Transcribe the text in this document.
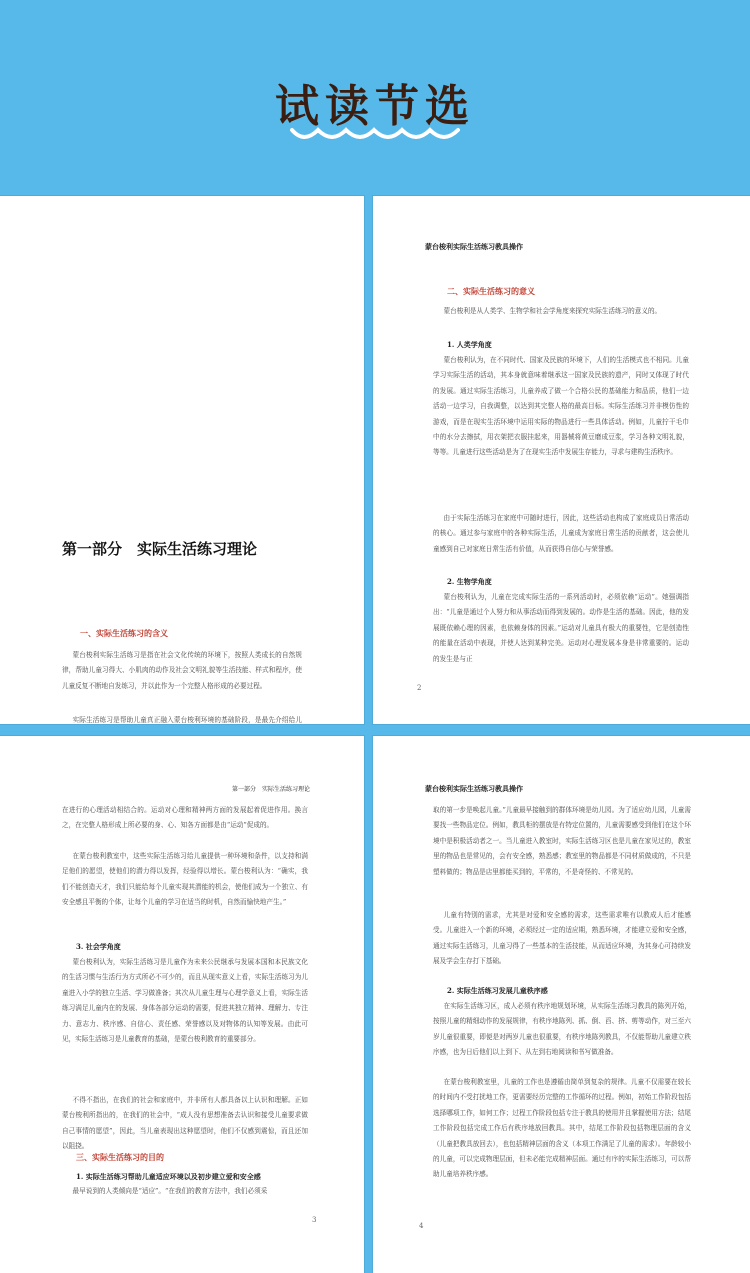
试读节选
第一部分　实际生活练习理论
一、实际生活练习的含义
蒙台梭利实际生活练习是指在社会文化传统的环境下，按照人类成长的自然规律，帮助儿童习得大、小肌肉的动作及社会文明礼貌等生活技能、样式和程序，使儿童反复不断地自发练习，并以此作为一个完整人格形成的必要过程。
实际生活练习是帮助儿童真正融入蒙台梭利环境的基础阶段，是最先介绍给儿
蒙台梭利实际生活练习教具操作
二、实际生活练习的意义
蒙台梭利是从人类学、生物学和社会学角度来探究实际生活练习的意义的。
1. 人类学角度
蒙台梭利认为，在不同时代、国家及民族的环境下，人们的生活模式也不相同。儿童学习实际生活的活动，其本身就意味着继承这一国家及民族的遗产，同时又体现了时代的发展。通过实际生活练习，儿童养成了做一个合格公民的基础能力和品质，他们一边活动一边学习，自我调整，以达到其完整人格的最高目标。实际生活练习并非模仿性的游戏，而是在现实生活环境中运用实际的物品进行一些具体活动。例如，儿童拧干毛巾中的水分去擦拭，用衣架把衣服挂起来，用器械将黄豆磨成豆浆，学习各种文明礼貌，等等。儿童进行这些活动是为了在现实生活中发展生存能力，寻求与建构生活秩序。
由于实际生活练习在家庭中可随时进行，因此，这些活动也构成了家庭成员日常活动的核心。通过参与家庭中的各种实际生活，儿童成为家庭日常生活的贡献者，这会使儿童感到自己对家庭日常生活有价值，从而获得自信心与荣誉感。
2. 生物学角度
蒙台梭利认为，儿童在完成实际生活的一系列活动时，必须依赖“运动”。她强调指出：“儿童是通过个人努力和从事活动而得到发展的。动作是生活的基础。因此，他的发展既依赖心理的因素，也依赖身体的因素。”运动对儿童具有极大的重要性，它是创造性的能量在活动中表现，并使人达到某种完美。运动对心理发展本身是非常重要的。运动的发生是与正
2
第一部分　实际生活练习理论
在进行的心理活动相结合的。运动对心理和精神两方面的发展起着促进作用。换言之，在完整人格形成上所必要的身、心、知各方面都是由“运动”促成的。
在蒙台梭利教室中，这些实际生活练习给儿童提供一种环境和条件，以支持和满足他们的愿望，使他们的潜力得以发挥，经验得以增长。蒙台梭利认为：“确实，我们不能创造天才，我们只能给每个儿童实现其潜能的机会，使他们成为一个独立、有安全感且平衡的个体，让每个儿童的学习在适当的时机，自然而愉快地产生。”
3. 社会学角度
蒙台梭利认为，实际生活练习是儿童作为未来公民继承与发展本国和本民族文化的生活习惯与生活行为方式所必不可少的，而且从现实意义上看，实际生活练习为儿童进入小学的独立生活、学习做准备；其次从儿童生理与心理学意义上看，实际生活练习满足儿童内在的发展、身体各部分运动的需要，促进其独立精神、理解力、专注力、意志力、秩序感、自信心、责任感、荣誉感以及对物体的认知等发展。由此可见，实际生活练习是儿童教育的基础，是蒙台梭利教育的重要部分。
不得不指出，在我们的社会和家庭中，并非所有人都具备以上认识和理解。正如蒙台梭利所指出的，在我们的社会中，“成人没有思想准备去认识和接受儿童要求做自己事情的愿望”，因此，当儿童表现出这种愿望时，他们不仅感到震惊，而且还加以阻挠。
三、实际生活练习的目的
1. 实际生活练习帮助儿童适应环境以及初步建立爱和安全感
最早说到的人类倾向是“适应”。“在我们的教育方法中，我们必须采
3
蒙台梭利实际生活练习教具操作
取的第一步是唤起儿童。”儿童最早接触到的群体环境是幼儿园。为了适应幼儿园，儿童需要找一些物品定位。例如，教具柜的摆放是有特定位置的，儿童需要感受到他们在这个环境中是积极活动者之一。当儿童进入教室时，实际生活练习区也是儿童在家见过的，教室里的物品也是常见的，会有安全感，熟悉感；教室里的物品都是不同材质做成的，不只是塑料做的；物品是店里都能买到的，平常的，不是奇怪的、不常见的。
儿童有特别的需求，尤其是对爱和安全感的需求，这些需求唯有以教成人后才能感受。儿童进入一个新的环境，必须经过一定的适应期，熟悉环境，才能建立爱和安全感，通过实际生活练习，儿童习得了一些基本的生活技能，从而适应环境，为其身心可持续发展及学会生存打下基础。
2. 实际生活练习发展儿童秩序感
在实际生活练习区，成人必须有秩序地规划环境，从实际生活练习教具的陈列开始，按照儿童的精细动作的发展规律，有秩序地陈列、抓、倒、舀、挤、剪等动作，对三至六岁儿童很重要，即便是对两岁儿童也很重要，有秩序地陈列教具，不仅能帮助儿童建立秩序感，也为日后他们以上到下、从左到右地阅读和书写做准备。
在蒙台梭利教室里，儿童的工作也是遵循由简单到复杂的规律。儿童不仅需要在较长的时间内不受打扰地工作，更需要经历完整的工作循环的过程。例如，初始工作阶段包括选择哪项工作，如何工作；过程工作阶段包括专注于教具的使用并且掌握使用方法；结尾工作阶段包括完成工作后有秩序地放回教具。其中，结尾工作阶段包括物理层面的含义（儿童把教具放回去），也包括精神层面的含义（本项工作满足了儿童的需求）。年龄较小的儿童，可以完成物理层面，但未必能完成精神层面。通过有序的实际生活练习，可以帮助儿童培养秩序感。
4
